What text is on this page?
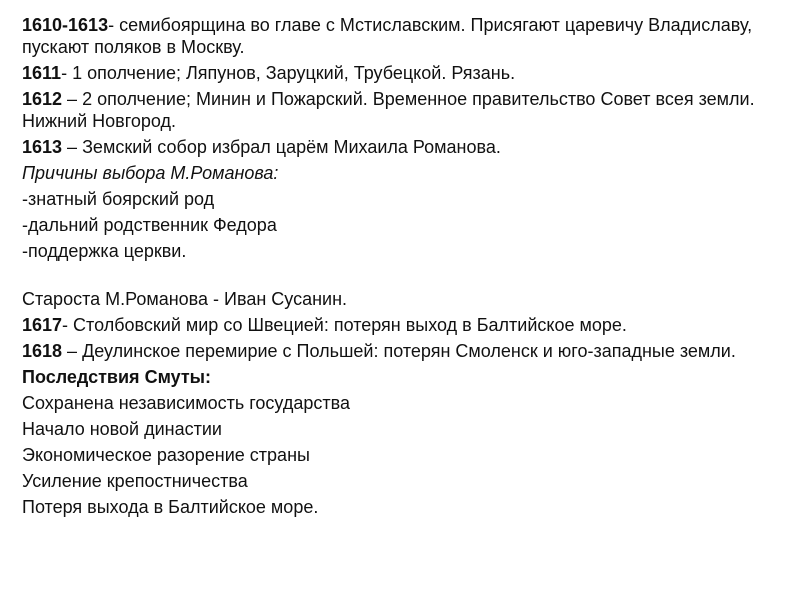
1610-1613- семибоярщина во главе с Мстиславским. Присягают царевичу Владиславу, пускают поляков в Москву.

1611- 1 ополчение; Ляпунов, Заруцкий, Трубецкой. Рязань.

1612 – 2 ополчение; Минин и Пожарский. Временное правительство Совет всея земли. Нижний Новгород.

1613 – Земский собор избрал царём Михаила Романова.

Причины выбора М.Романова:

-знатный боярский род

-дальний родственник Федора

-поддержка церкви.

Староста М.Романова - Иван Сусанин.

1617- Столбовский мир со Швецией: потерян выход в Балтийское море.

1618 – Деулинское перемирие с Польшей: потерян Смоленск и юго-западные земли.

Последствия Смуты:

Сохранена независимость государства

Начало новой династии

Экономическое разорение страны

Усиление крепостничества

Потеря выхода в Балтийское море.
